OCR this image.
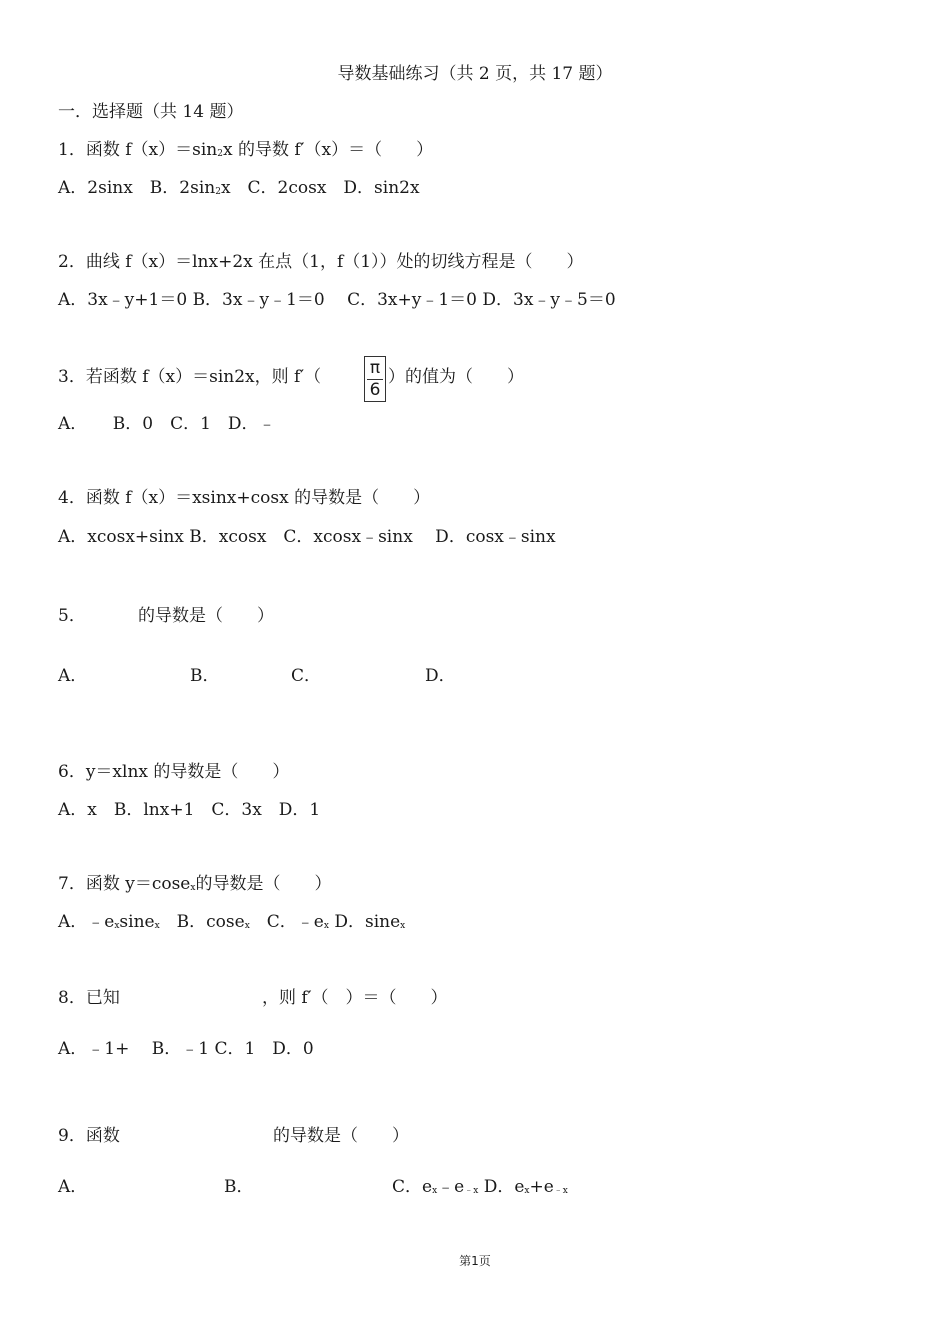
导数基础练习（共 2 页，共 17 题）
一．选择题（共 14 题）
1．函数 $f(x)=\sin_2x$ 的导数 f′（x）＝（　　）
A．2sinx　B．$2\sin_2x$　C．2cosx　D．sin2x
2．曲线 f（x）＝lnx+2x 在点（1，f（1））处的切线方程是（　　）
A．3x﹣y+1＝0 B．3x﹣y﹣1＝0　 C．3x+y﹣1＝0 D．3x﹣y﹣5＝0
3．若函数 f（x）＝sin2x，则 f′（	π
6
）的值为（　　）
A．　　B．0　C．1　D．﹣
4．函数 f（x）＝xsinx+cosx 的导数是（　　）
A．xcosx+sinx B．xcosx　C．xcosx﹣sinx　 D．cosx﹣sinx
5．	的导数是（　　）
A．	B．	C．	D．
6．y＝xlnx 的导数是（　　）
A．x　B．lnx+1　C．3x　D．1
7．函数 y＝cose$_x$的导数是（　　）
A．$﹣e_x\sin e_x$　B．cose$_x$　C．$﹣e_x$ D．sine$_x$
8．已知	，则 f′（　）＝（　　）
A．﹣1+　 B．﹣1 C．1　D．0
9．函数	的导数是（　　）
A．	B．	C．$e_x﹣e_{﹣x}$ D．$e_x+e_{﹣x}$
第1页
